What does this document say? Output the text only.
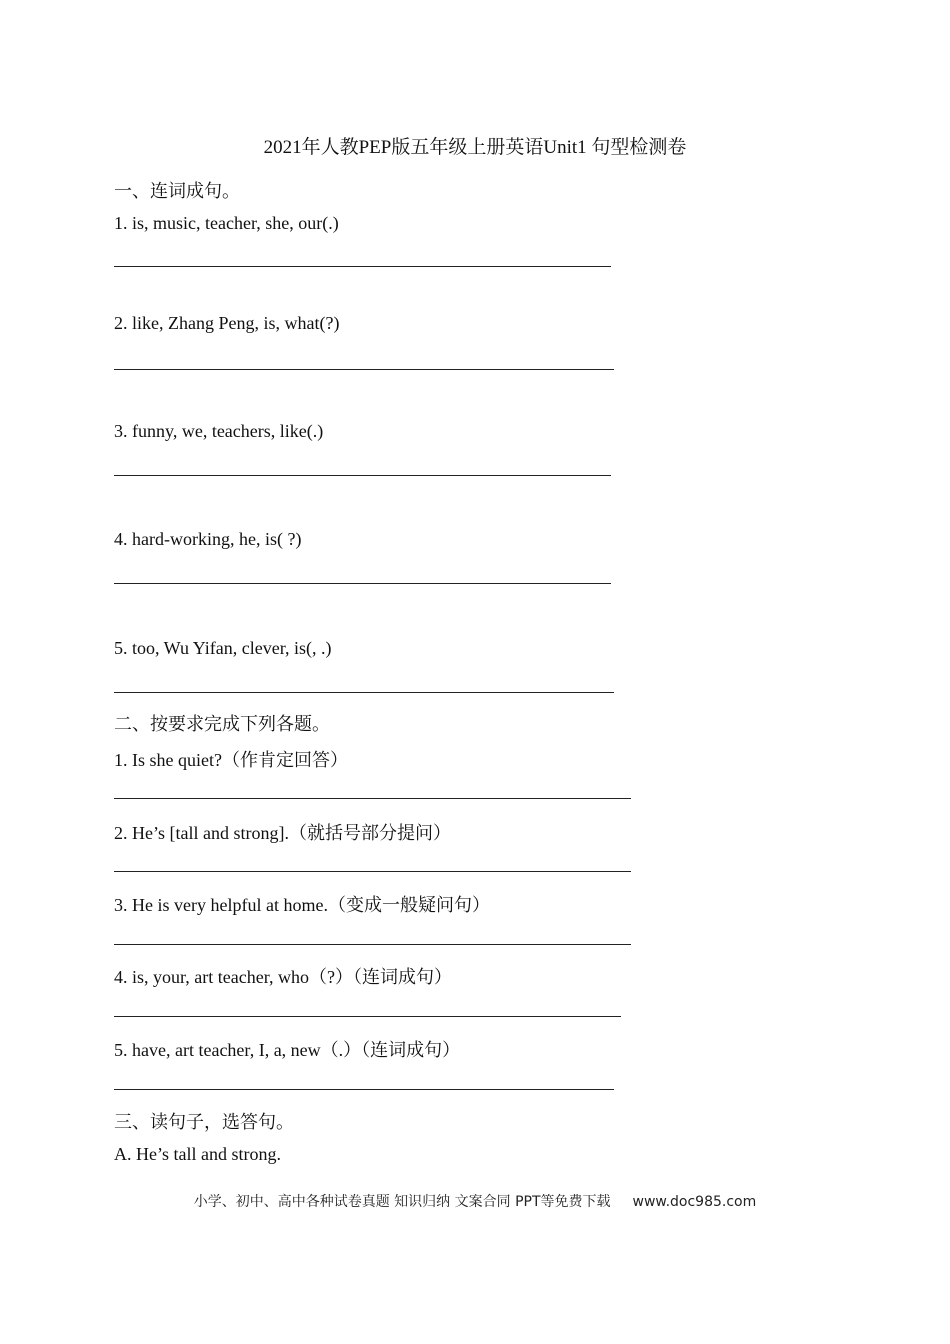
2021年人教PEP版五年级上册英语Unit1 句型检测卷
一、连词成句。
1. is, music, teacher, she, our(.)
2. like, Zhang Peng, is, what(?)
3. funny, we, teachers, like(.)
4. hard-working, he, is( ?)
5. too, Wu Yifan, clever, is(, .)
二、按要求完成下列各题。
1. Is she quiet?（作肯定回答）
2. He’s [tall and strong].（就括号部分提问）
3. He is very helpful at home.（变成一般疑问句）
4. is, your, art teacher, who（?）（连词成句）
5. have, art teacher, I, a, new（.）（连词成句）
三、读句子，选答句。
A. He’s tall and strong.
小学、初中、高中各种试卷真题 知识归纳 文案合同 PPT等免费下载 www.doc985.com
